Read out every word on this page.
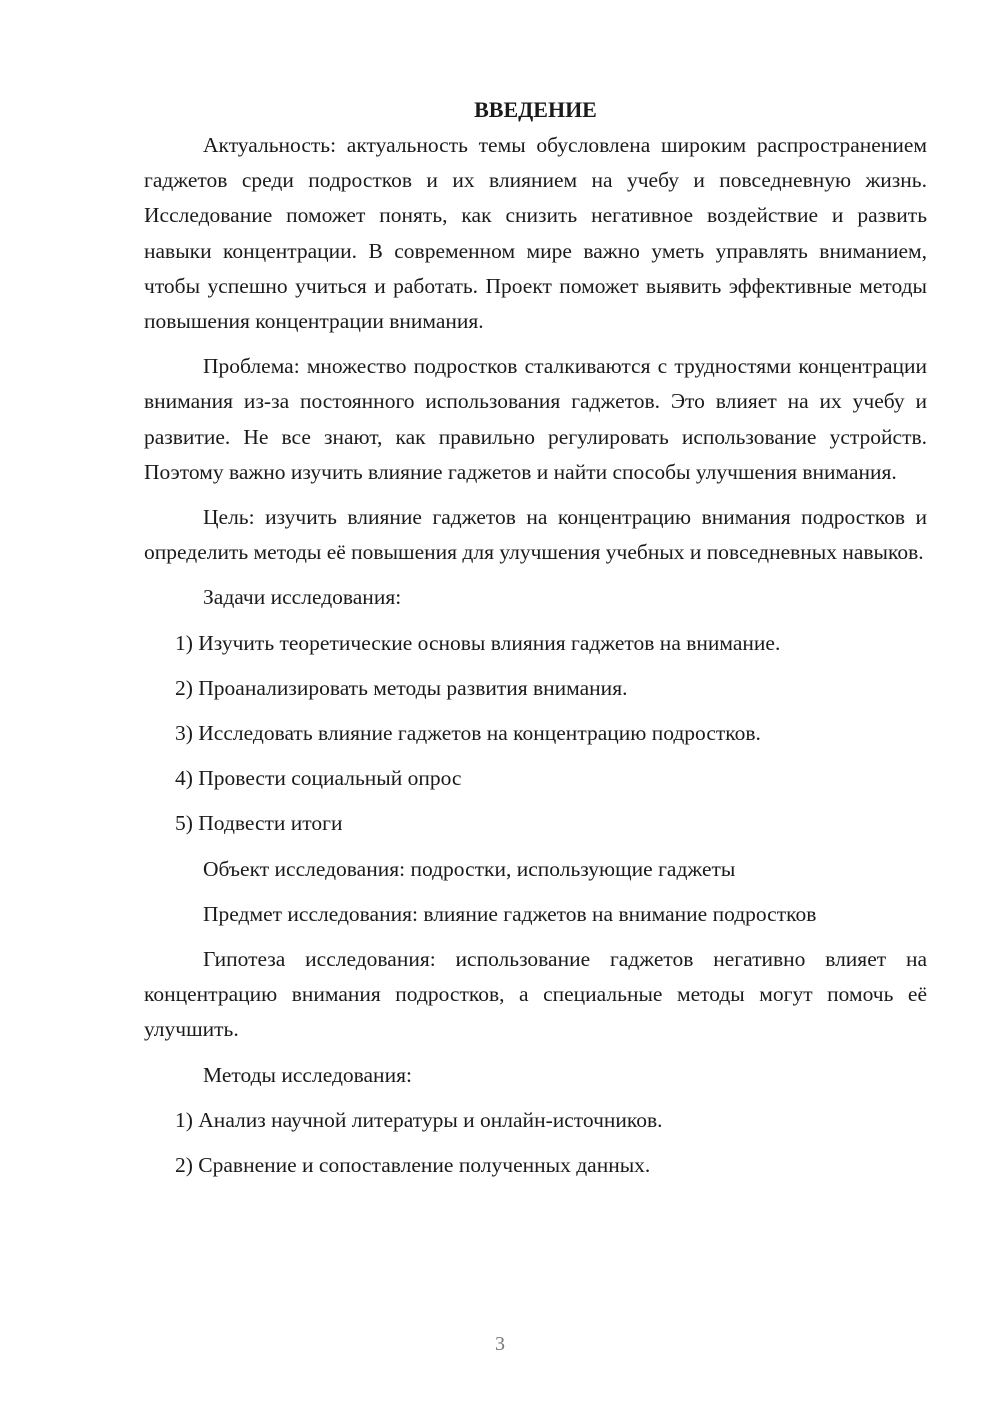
ВВЕДЕНИЕ

Актуальность: актуальность темы обусловлена широким распространением гаджетов среди подростков и их влиянием на учебу и повседневную жизнь. Исследование поможет понять, как снизить негативное воздействие и развить навыки концентрации. В современном мире важно уметь управлять вниманием, чтобы успешно учиться и работать. Проект поможет выявить эффективные методы повышения концентрации внимания.

Проблема: множество подростков сталкиваются с трудностями концентрации внимания из-за постоянного использования гаджетов. Это влияет на их учебу и развитие. Не все знают, как правильно регулировать использование устройств. Поэтому важно изучить влияние гаджетов и найти способы улучшения внимания.

Цель: изучить влияние гаджетов на концентрацию внимания подростков и определить методы её повышения для улучшения учебных и повседневных навыков.

Задачи исследования:
1) Изучить теоретические основы влияния гаджетов на внимание.
2) Проанализировать методы развития внимания.
3) Исследовать влияние гаджетов на концентрацию подростков.
4) Провести социальный опрос
5) Подвести итоги
Объект исследования: подростки, использующие гаджеты
Предмет исследования: влияние гаджетов на внимание подростков

Гипотеза исследования: использование гаджетов негативно влияет на концентрацию внимания подростков, а специальные методы могут помочь её улучшить.

Методы исследования:
1) Анализ научной литературы и онлайн-источников.
2) Сравнение и сопоставление полученных данных.
3
